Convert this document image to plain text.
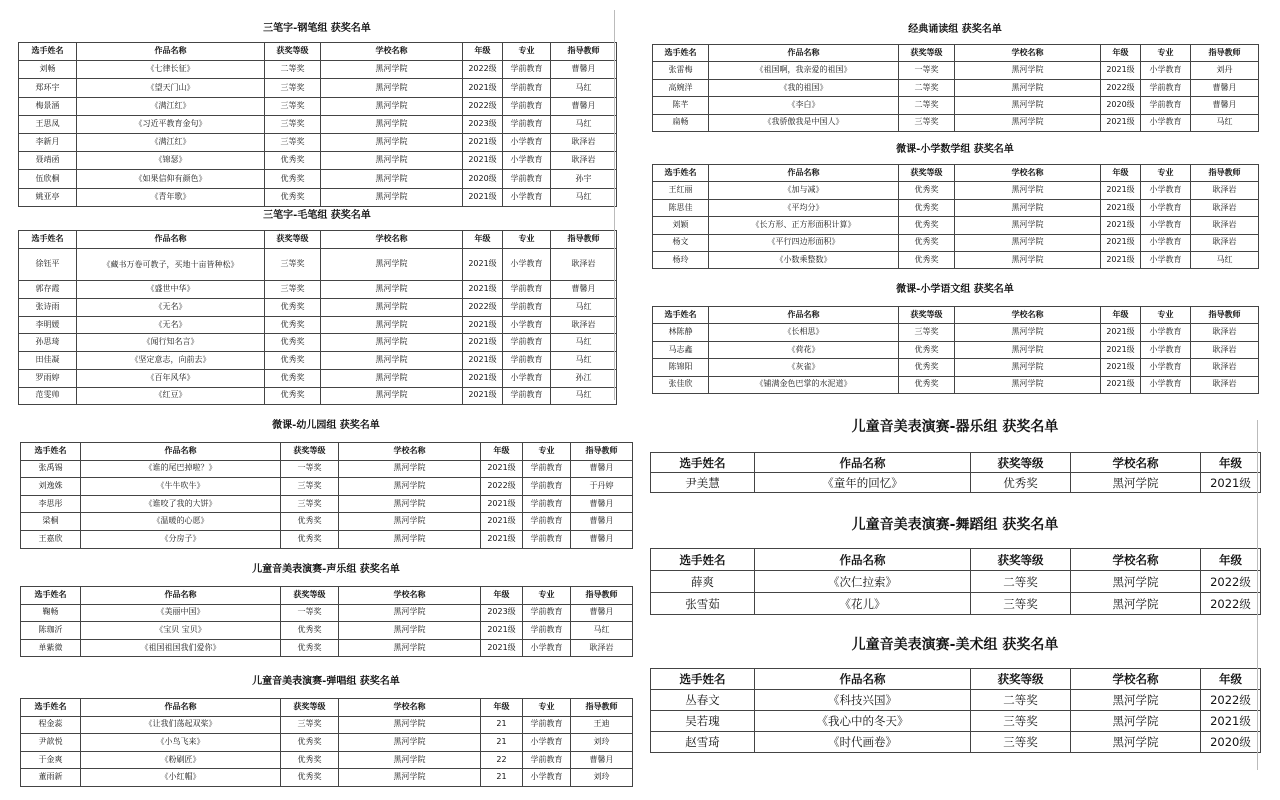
三笔字-钢笔组 获奖名单
选手姓名	作品名称	获奖等级	学校名称	年级	专业	指导教师
刘畅	《七律长征》	二等奖	黑河学院	2022级	学前教育	曹馨月
郑环宇	《望天门山》	三等奖	黑河学院	2021级	学前教育	马红
梅景涵	《满江红》	三等奖	黑河学院	2022级	学前教育	曹馨月
王思凤	《习近平教育金句》	三等奖	黑河学院	2023级	学前教育	马红
李新月	《满江红》	三等奖	黑河学院	2021级	小学教育	耿泽岩
聂靖函	《锦瑟》	优秀奖	黑河学院	2021级	小学教育	耿泽岩
伍欣桐	《如果信仰有颜色》	优秀奖	黑河学院	2020级	学前教育	孙宇
姚亚亭	《青年歌》	优秀奖	黑河学院	2021级	小学教育	马红
三笔字-毛笔组 获奖名单
选手姓名	作品名称	获奖等级	学校名称	年级	专业	指导教师
徐钰平	《藏书万卷可教子，买地十亩皆种松》	三等奖	黑河学院	2021级	小学教育	耿泽岩
郭存霞	《盛世中华》	三等奖	黑河学院	2021级	学前教育	曹馨月
张诗雨	《无名》	优秀奖	黑河学院	2022级	学前教育	马红
李明媛	《无名》	优秀奖	黑河学院	2021级	小学教育	耿泽岩
孙思琦	《闻行知名言》	优秀奖	黑河学院	2021级	学前教育	马红
田佳凝	《坚定意志，向前去》	优秀奖	黑河学院	2021级	学前教育	马红
罗雨婷	《百年风华》	优秀奖	黑河学院	2021级	小学教育	孙江
范雯帅	《红豆》	优秀奖	黑河学院	2021级	学前教育	马红
微课-幼儿园组 获奖名单
选手姓名	作品名称	获奖等级	学校名称	年级	专业	指导教师
张禹锡	《谁的尾巴掉啦？》	一等奖	黑河学院	2021级	学前教育	曹馨月
刘逸姝	《牛牛吹牛》	三等奖	黑河学院	2022级	学前教育	于丹婷
李思彤	《谁咬了我的大饼》	三等奖	黑河学院	2021级	学前教育	曹馨月
梁桐	《温暖的心愿》	优秀奖	黑河学院	2021级	学前教育	曹馨月
王嘉欣	《分房子》	优秀奖	黑河学院	2021级	学前教育	曹馨月
儿童音美表演赛-声乐组 获奖名单
选手姓名	作品名称	获奖等级	学校名称	年级	专业	指导教师
鞠畅	《美丽中国》	一等奖	黑河学院	2023级	学前教育	曹馨月
陈珈沂	《宝贝 宝贝》	优秀奖	黑河学院	2021级	学前教育	马红
单紫微	《祖国祖国我们爱你》	优秀奖	黑河学院	2021级	小学教育	耿泽岩
儿童音美表演赛-弹唱组 获奖名单
选手姓名	作品名称	获奖等级	学校名称	年级	专业	指导教师
程金蕊	《让我们荡起双桨》	三等奖	黑河学院	21	学前教育	王迪
尹歆悦	《小鸟飞来》	优秀奖	黑河学院	21	小学教育	刘玲
于金爽	《粉刷匠》	优秀奖	黑河学院	22	学前教育	曹馨月
董雨新	《小红帽》	优秀奖	黑河学院	21	小学教育	刘玲
经典诵读组 获奖名单
选手姓名	作品名称	获奖等级	学校名称	年级	专业	指导教师
张雷梅	《祖国啊，我亲爱的祖国》	一等奖	黑河学院	2021级	小学教育	刘丹
高婉洋	《我的祖国》	二等奖	黑河学院	2022级	学前教育	曹馨月
陈芊	《李白》	二等奖	黑河学院	2020级	学前教育	曹馨月
扁畅	《我骄傲我是中国人》	三等奖	黑河学院	2021级	小学教育	马红
微课-小学数学组 获奖名单
选手姓名	作品名称	获奖等级	学校名称	年级	专业	指导教师
王红丽	《加与减》	优秀奖	黑河学院	2021级	小学教育	耿泽岩
陈思佳	《平均分》	优秀奖	黑河学院	2021级	小学教育	耿泽岩
刘颖	《长方形、正方形面积计算》	优秀奖	黑河学院	2021级	小学教育	耿泽岩
杨文	《平行四边形面积》	优秀奖	黑河学院	2021级	小学教育	耿泽岩
杨玲	《小数乘整数》	优秀奖	黑河学院	2021级	小学教育	马红
微课-小学语文组 获奖名单
选手姓名	作品名称	获奖等级	学校名称	年级	专业	指导教师
林陈静	《长相思》	三等奖	黑河学院	2021级	小学教育	耿泽岩
马志鑫	《荷花》	优秀奖	黑河学院	2021级	小学教育	耿泽岩
陈锦阳	《灰雀》	优秀奖	黑河学院	2021级	小学教育	耿泽岩
张佳欣	《铺满金色巴掌的水泥道》	优秀奖	黑河学院	2021级	小学教育	耿泽岩
儿童音美表演赛-器乐组 获奖名单
选手姓名	作品名称	获奖等级	学校名称	年级
尹美慧	《童年的回忆》	优秀奖	黑河学院	2021级
儿童音美表演赛-舞蹈组 获奖名单
选手姓名	作品名称	获奖等级	学校名称	年级
薛爽	《次仁拉索》	二等奖	黑河学院	2022级
张雪茹	《花儿》	三等奖	黑河学院	2022级
儿童音美表演赛-美术组 获奖名单
选手姓名	作品名称	获奖等级	学校名称	年级
丛春文	《科技兴国》	二等奖	黑河学院	2022级
吴若瑰	《我心中的冬天》	三等奖	黑河学院	2021级
赵雪琦	《时代画卷》	三等奖	黑河学院	2020级
